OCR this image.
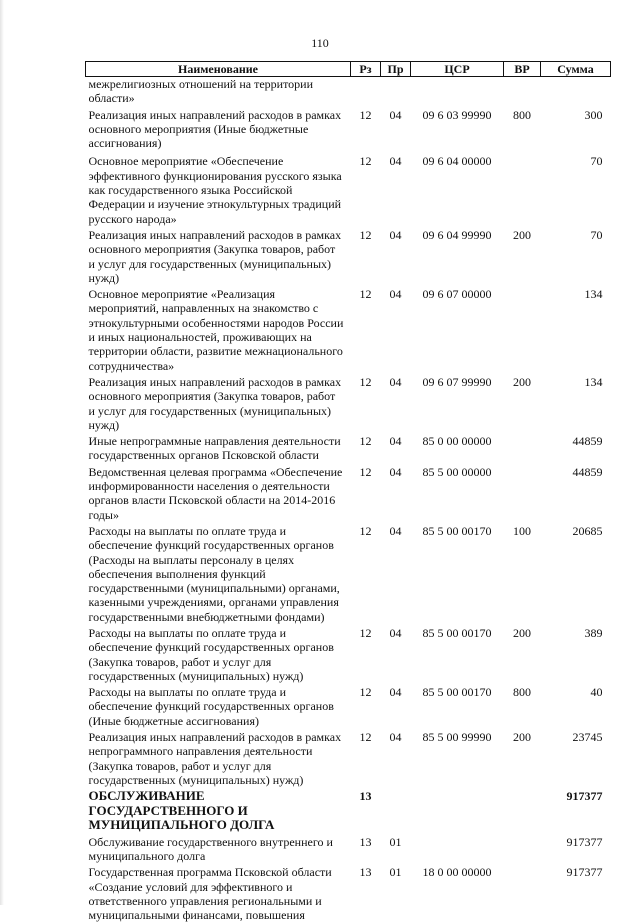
110
Наименование	Рз	Пр	ЦСР	ВР	Сумма
межрелигиозных отношений на территории области»					
Реализация иных направлений расходов в рамках основного мероприятия (Иные бюджетные ассигнования)	12	04	09 6 03 99990	800	300
Основное мероприятие «Обеспечение эффективного функционирования русского языка как государственного языка Российской Федерации и изучение этнокультурных традиций русского народа»	12	04	09 6 04 00000		70
Реализация иных направлений расходов в рамках основного мероприятия (Закупка товаров, работ и услуг для государственных (муниципальных) нужд)	12	04	09 6 04 99990	200	70
Основное мероприятие «Реализация мероприятий, направленных на знакомство с этнокультурными особенностями народов России и иных национальностей, проживающих на территории области, развитие межнационального сотрудничества»	12	04	09 6 07 00000		134
Реализация иных направлений расходов в рамках основного мероприятия (Закупка товаров, работ и услуг для государственных (муниципальных) нужд)	12	04	09 6 07 99990	200	134
Иные непрограммные направления деятельности государственных органов Псковской области	12	04	85 0 00 00000		44859
Ведомственная целевая программа «Обеспечение информированности населения о деятельности органов власти Псковской области на 2014-2016 годы»	12	04	85 5 00 00000		44859
Расходы на выплаты по оплате труда и обеспечение функций государственных органов (Расходы на выплаты персоналу в целях обеспечения выполнения функций государственными (муниципальными) органами, казенными учреждениями, органами управления государственными внебюджетными фондами)	12	04	85 5 00 00170	100	20685
Расходы на выплаты по оплате труда и обеспечение функций государственных органов (Закупка товаров, работ и услуг для государственных (муниципальных) нужд)	12	04	85 5 00 00170	200	389
Расходы на выплаты по оплате труда и обеспечение функций государственных органов (Иные бюджетные ассигнования)	12	04	85 5 00 00170	800	40
Реализация иных направлений расходов в рамках непрограммного направления деятельности (Закупка товаров, работ и услуг для государственных (муниципальных) нужд)	12	04	85 5 00 99990	200	23745
ОБСЛУЖИВАНИЕ ГОСУДАРСТВЕННОГО И МУНИЦИПАЛЬНОГО ДОЛГА	13				917377
Обслуживание государственного внутреннего и муниципального долга	13	01			917377
Государственная программа Псковской области «Создание условий для эффективного и ответственного управления региональными и муниципальными финансами, повышения	13	01	18 0 00 00000		917377
